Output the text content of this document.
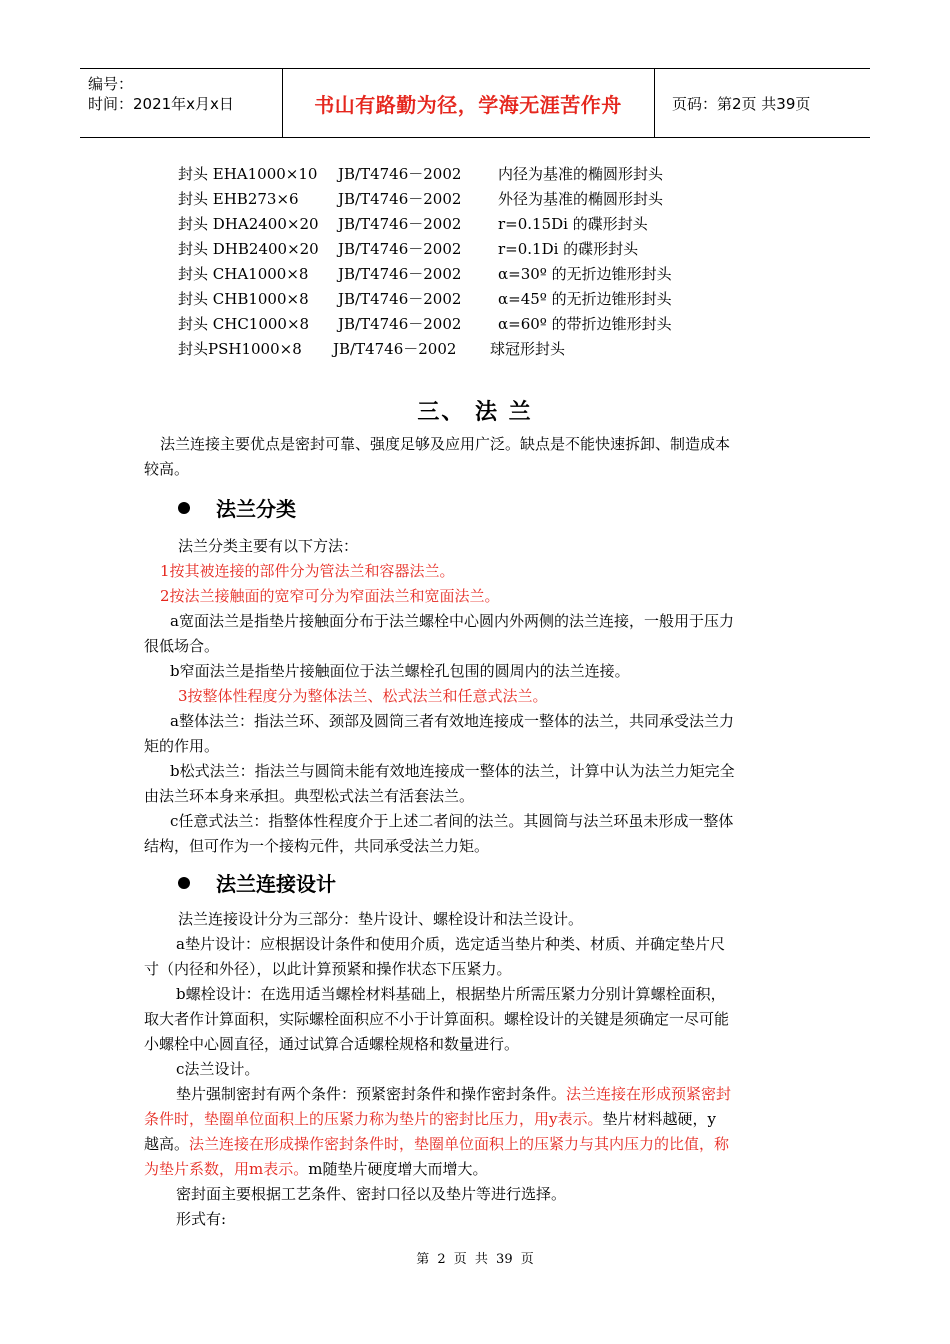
编号：
时间：2021年x月x日	书山有路勤为径，学海无涯苦作舟	页码：第2页 共39页
封头 EHA1000×10 JB/T4746－2002 内径为基准的椭圆形封头
封头 EHB273×6	JB/T4746－2002 外径为基准的椭圆形封头
封头 DHA2400×20 JB/T4746－2002 r=0.15Di 的碟形封头
封头 DHB2400×20 JB/T4746－2002 r=0.1Di 的碟形封头
封头 CHA1000×8 JB/T4746－2002 α=30º 的无折边锥形封头
封头 CHB1000×8 JB/T4746－2002 α=45º 的无折边锥形封头
封头 CHC1000×8 JB/T4746－2002 α=60º 的带折边锥形封头
封头PSH1000×8 JB/T4746－2002 球冠形封头
三、 法 兰
法兰连接主要优点是密封可靠、强度足够及应用广泛。缺点是不能快速拆卸、制造成本
较高。
法兰分类
法兰分类主要有以下方法：
1按其被连接的部件分为管法兰和容器法兰。
2按法兰接触面的宽窄可分为窄面法兰和宽面法兰。
a宽面法兰是指垫片接触面分布于法兰螺栓中心圆内外两侧的法兰连接，一般用于压力
很低场合。
b窄面法兰是指垫片接触面位于法兰螺栓孔包围的圆周内的法兰连接。
3按整体性程度分为整体法兰、松式法兰和任意式法兰。
a整体法兰：指法兰环、颈部及圆筒三者有效地连接成一整体的法兰，共同承受法兰力
矩的作用。
b松式法兰：指法兰与圆筒未能有效地连接成一整体的法兰，计算中认为法兰力矩完全
由法兰环本身来承担。典型松式法兰有活套法兰。
c任意式法兰：指整体性程度介于上述二者间的法兰。其圆筒与法兰环虽未形成一整体
结构，但可作为一个接构元件，共同承受法兰力矩。
法兰连接设计
法兰连接设计分为三部分：垫片设计、螺栓设计和法兰设计。
a垫片设计：应根据设计条件和使用介质，选定适当垫片种类、材质、并确定垫片尺
寸（内径和外径），以此计算预紧和操作状态下压紧力。
b螺栓设计：在选用适当螺栓材料基础上，根据垫片所需压紧力分别计算螺栓面积，
取大者作计算面积，实际螺栓面积应不小于计算面积。螺栓设计的关键是须确定一尽可能
小螺栓中心圆直径，通过试算合适螺栓规格和数量进行。
c法兰设计。
垫片强制密封有两个条件：预紧密封条件和操作密封条件。法兰连接在形成预紧密封
条件时，垫圈单位面积上的压紧力称为垫片的密封比压力，用y表示。垫片材料越硬，y
越高。法兰连接在形成操作密封条件时，垫圈单位面积上的压紧力与其内压力的比值，称
为垫片系数，用m表示。m随垫片硬度增大而增大。
密封面主要根据工艺条件、密封口径以及垫片等进行选择。
形式有:
第 2 页 共 39 页
